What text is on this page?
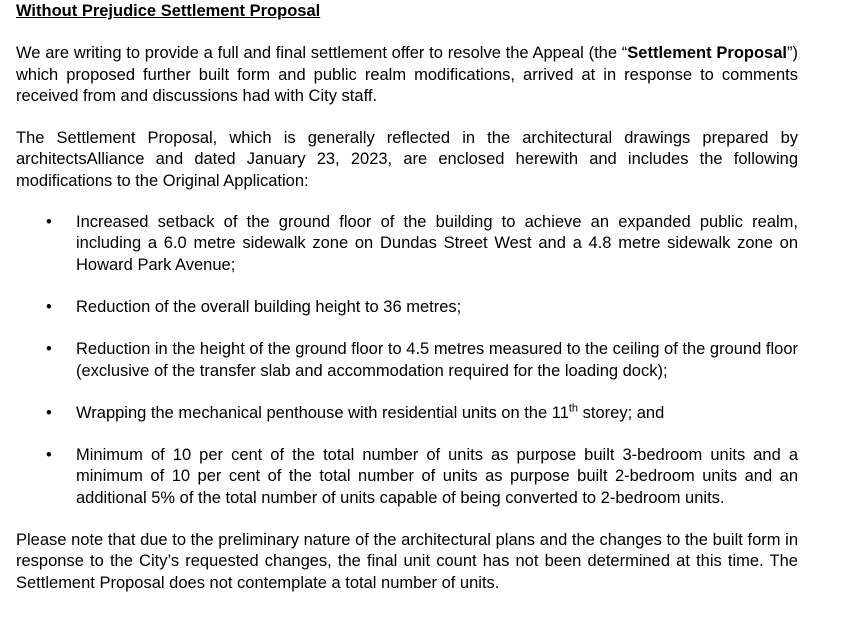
Without Prejudice Settlement Proposal

We are writing to provide a full and final settlement offer to resolve the Appeal (the “Settlement Proposal”) which proposed further built form and public realm modifications, arrived at in response to comments received from and discussions had with City staff.

The Settlement Proposal, which is generally reflected in the architectural drawings prepared by architectsAlliance and dated January 23, 2023, are enclosed herewith and includes the following modifications to the Original Application:

•	Increased setback of the ground floor of the building to achieve an expanded public realm, including a 6.0 metre sidewalk zone on Dundas Street West and a 4.8 metre sidewalk zone on Howard Park Avenue;
•	Reduction of the overall building height to 36 metres;
•	Reduction in the height of the ground floor to 4.5 metres measured to the ceiling of the ground floor (exclusive of the transfer slab and accommodation required for the loading dock);
•	Wrapping the mechanical penthouse with residential units on the 11th storey; and
•	Minimum of 10 per cent of the total number of units as purpose built 3-bedroom units and a minimum of 10 per cent of the total number of units as purpose built 2-bedroom units and an additional 5% of the total number of units capable of being converted to 2-bedroom units.

Please note that due to the preliminary nature of the architectural plans and the changes to the built form in response to the City’s requested changes, the final unit count has not been determined at this time. The Settlement Proposal does not contemplate a total number of units.
